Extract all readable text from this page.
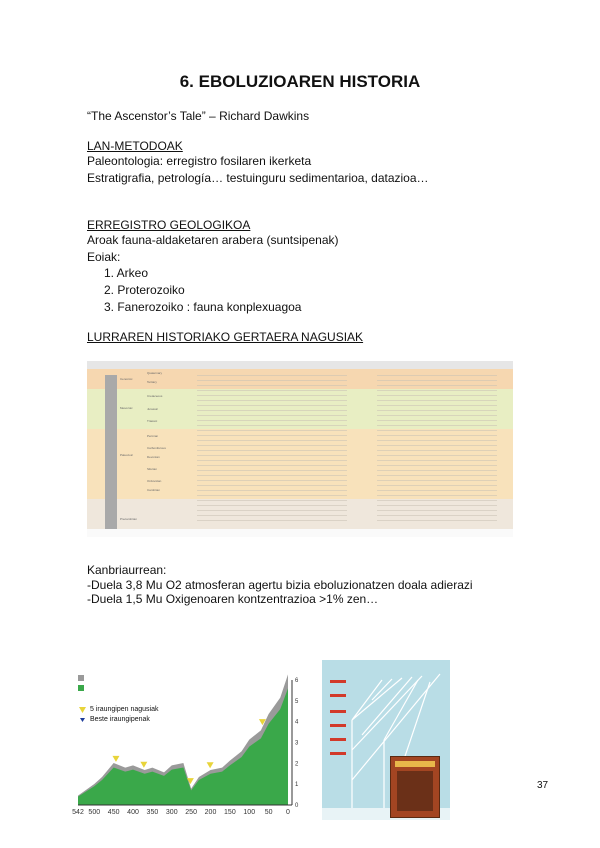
6. EBOLUZIOAREN HISTORIA
“The Ascenstor’s Tale” – Richard Dawkins
LAN-METODOAK
Paleontologia: erregistro fosilaren ikerketa
Estratigrafia, petrología… testuinguru sedimentarioa, datazioa…
ERREGISTRO GEOLOGIKOA
Aroak fauna-aldaketaren arabera (suntsipenak)
Eoiak:
1. Arkeo
2. Proterozoiko
3. Fanerozoiko : fauna konplexuagoa
LURRAREN HISTORIAKO GERTAERA NAGUSIAK
Cenozoic
Mesozoic
Paleozoic
Precambrian
Quaternary
Tertiary
Cretaceous
Jurassic
Triassic
Permian
Carboniferous
Devonian
Silurian
Ordovician
Cambrian
Kanbriaurrean:
-Duela 3,8 Mu O2 atmosferan agertu bizia eboluzionatzen doala adierazi
-Duela 1,5 Mu Oxigenoaren kontzentrazioa >1% zen…
542 500 450 400 350 300 250 200 150 100 50 0
6
5
4
3
2
1
0
5 iraungipen nagusiak
Beste iraungipenak
37
